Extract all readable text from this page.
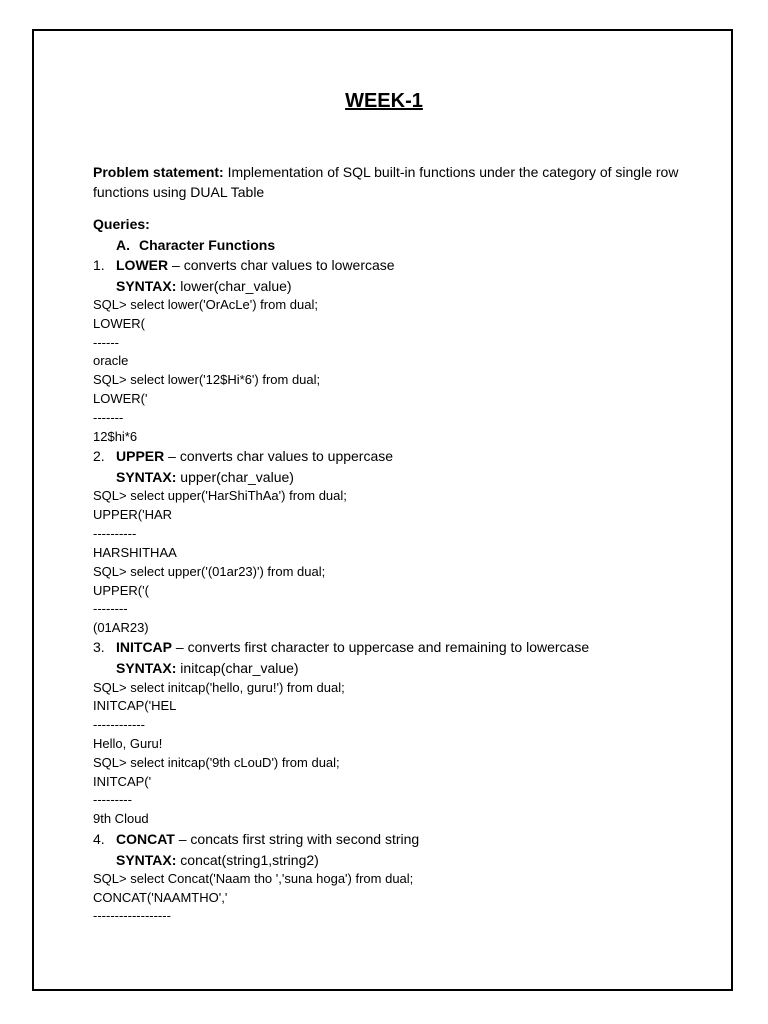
WEEK-1
Problem statement: Implementation of SQL built-in functions under the category of single row functions using DUAL Table
Queries:
A. Character Functions
1. LOWER – converts char values to lowercase
SYNTAX: lower(char_value)
SQL> select lower('OrAcLe') from dual;
LOWER(
------
oracle
SQL> select lower('12$Hi*6') from dual;
LOWER('
-------
12$hi*6
2. UPPER – converts char values to uppercase
SYNTAX: upper(char_value)
SQL> select upper('HarShiThAa') from dual;
UPPER('HAR
----------
HARSHITHAA
SQL> select upper('(01ar23)') from dual;
UPPER('(
--------
(01AR23)
3. INITCAP – converts first character to uppercase and remaining to lowercase
SYNTAX: initcap(char_value)
SQL> select initcap('hello, guru!') from dual;
INITCAP('HEL
------------
Hello, Guru!
SQL> select initcap('9th cLouD') from dual;
INITCAP('
---------
9th Cloud
4. CONCAT – concats first string with second string
SYNTAX: concat(string1,string2)
SQL> select Concat('Naam tho ','suna hoga') from dual;
CONCAT('NAAMTHO','
------------------
